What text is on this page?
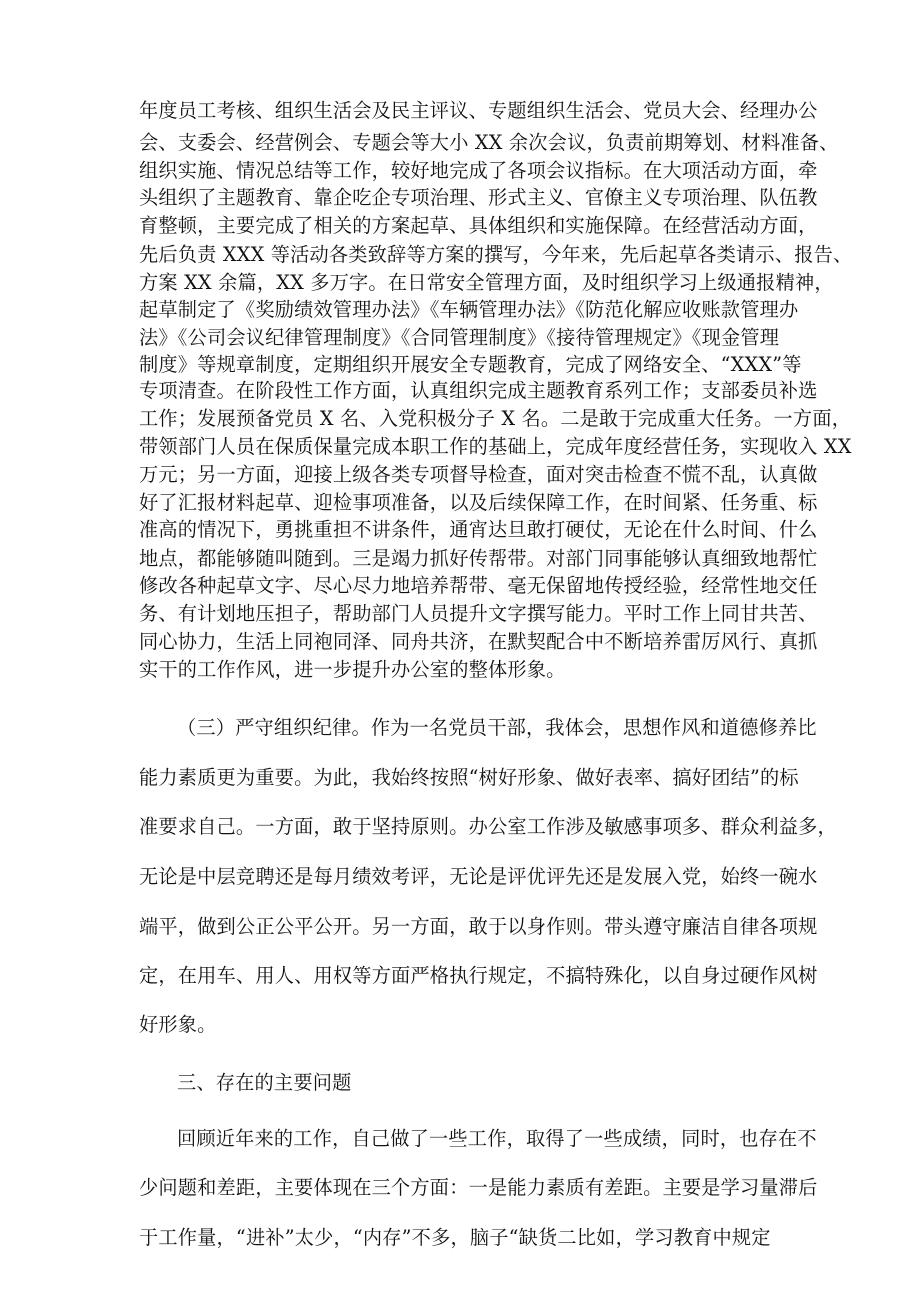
年度员工考核、组织生活会及民主评议、专题组织生活会、党员大会、经理办公
会、支委会、经营例会、专题会等大小 XX 余次会议，负责前期筹划、材料准备、
组织实施、情况总结等工作，较好地完成了各项会议指标。在大项活动方面，牵
头组织了主题教育、靠企吃企专项治理、形式主义、官僚主义专项治理、队伍教
育整顿，主要完成了相关的方案起草、具体组织和实施保障。在经营活动方面，
先后负责 XXX 等活动各类致辞等方案的撰写，今年来，先后起草各类请示、报告、
方案 XX 余篇，XX 多万字。在日常安全管理方面，及时组织学习上级通报精神，
起草制定了《奖励绩效管理办法》《车辆管理办法》《防范化解应收账款管理办
法》《公司会议纪律管理制度》《合同管理制度》《接待管理规定》《现金管理
制度》等规章制度，定期组织开展安全专题教育，完成了网络安全、“XXX”等
专项清查。在阶段性工作方面，认真组织完成主题教育系列工作；支部委员补选
工作；发展预备党员 X 名、入党积极分子 X 名。二是敢于完成重大任务。一方面，
带领部门人员在保质保量完成本职工作的基础上，完成年度经营任务，实现收入 XX
万元；另一方面，迎接上级各类专项督导检查，面对突击检查不慌不乱，认真做
好了汇报材料起草、迎检事项准备，以及后续保障工作，在时间紧、任务重、标
准高的情况下，勇挑重担不讲条件，通宵达旦敢打硬仗，无论在什么时间、什么
地点，都能够随叫随到。三是竭力抓好传帮带。对部门同事能够认真细致地帮忙
修改各种起草文字、尽心尽力地培养帮带、毫无保留地传授经验，经常性地交任
务、有计划地压担子，帮助部门人员提升文字撰写能力。平时工作上同甘共苦、
同心协力，生活上同袍同泽、同舟共济，在默契配合中不断培养雷厉风行、真抓
实干的工作作风，进一步提升办公室的整体形象。
（三）严守组织纪律。作为一名党员干部，我体会，思想作风和道德修养比
能力素质更为重要。为此，我始终按照“树好形象、做好表率、搞好团结”的标
准要求自己。一方面，敢于坚持原则。办公室工作涉及敏感事项多、群众利益多，
无论是中层竞聘还是每月绩效考评，无论是评优评先还是发展入党，始终一碗水
端平，做到公正公平公开。另一方面，敢于以身作则。带头遵守廉洁自律各项规
定，在用车、用人、用权等方面严格执行规定，不搞特殊化，以自身过硬作风树
好形象。
三、存在的主要问题
回顾近年来的工作，自己做了一些工作，取得了一些成绩，同时，也存在不
少问题和差距，主要体现在三个方面：一是能力素质有差距。主要是学习量滞后
于工作量，“进补”太少，“内存”不多，脑子“缺货二比如，学习教育中规定
